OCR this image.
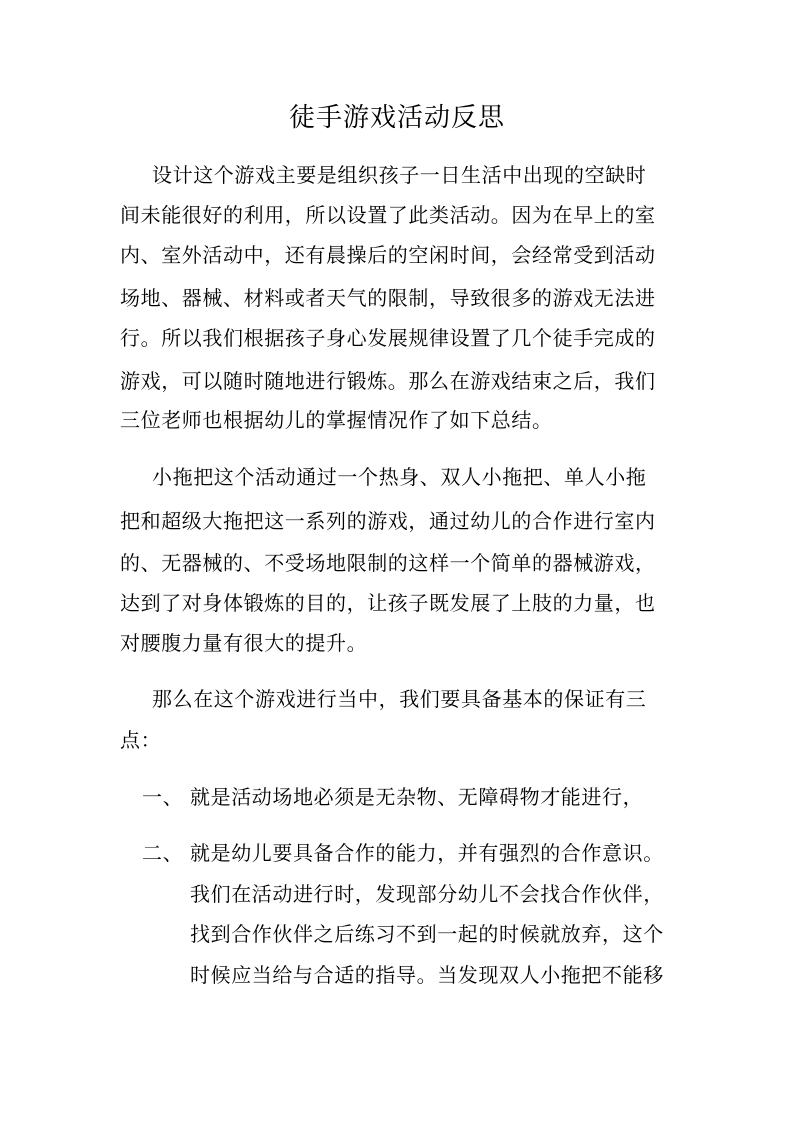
徒手游戏活动反思
设计这个游戏主要是组织孩子一日生活中出现的空缺时
间未能很好的利用，所以设置了此类活动。因为在早上的室
内、室外活动中，还有晨操后的空闲时间，会经常受到活动
场地、器械、材料或者天气的限制，导致很多的游戏无法进
行。所以我们根据孩子身心发展规律设置了几个徒手完成的
游戏，可以随时随地进行锻炼。那么在游戏结束之后，我们
三位老师也根据幼儿的掌握情况作了如下总结。
小拖把这个活动通过一个热身、双人小拖把、单人小拖
把和超级大拖把这一系列的游戏，通过幼儿的合作进行室内
的、无器械的、不受场地限制的这样一个简单的器械游戏，
达到了对身体锻炼的目的，让孩子既发展了上肢的力量，也
对腰腹力量有很大的提升。
那么在这个游戏进行当中，我们要具备基本的保证有三
点：
一、 就是活动场地必须是无杂物、无障碍物才能进行，
二、 就是幼儿要具备合作的能力，并有强烈的合作意识。
我们在活动进行时，发现部分幼儿不会找合作伙伴，
找到合作伙伴之后练习不到一起的时候就放弃，这个
时候应当给与合适的指导。当发现双人小拖把不能移
